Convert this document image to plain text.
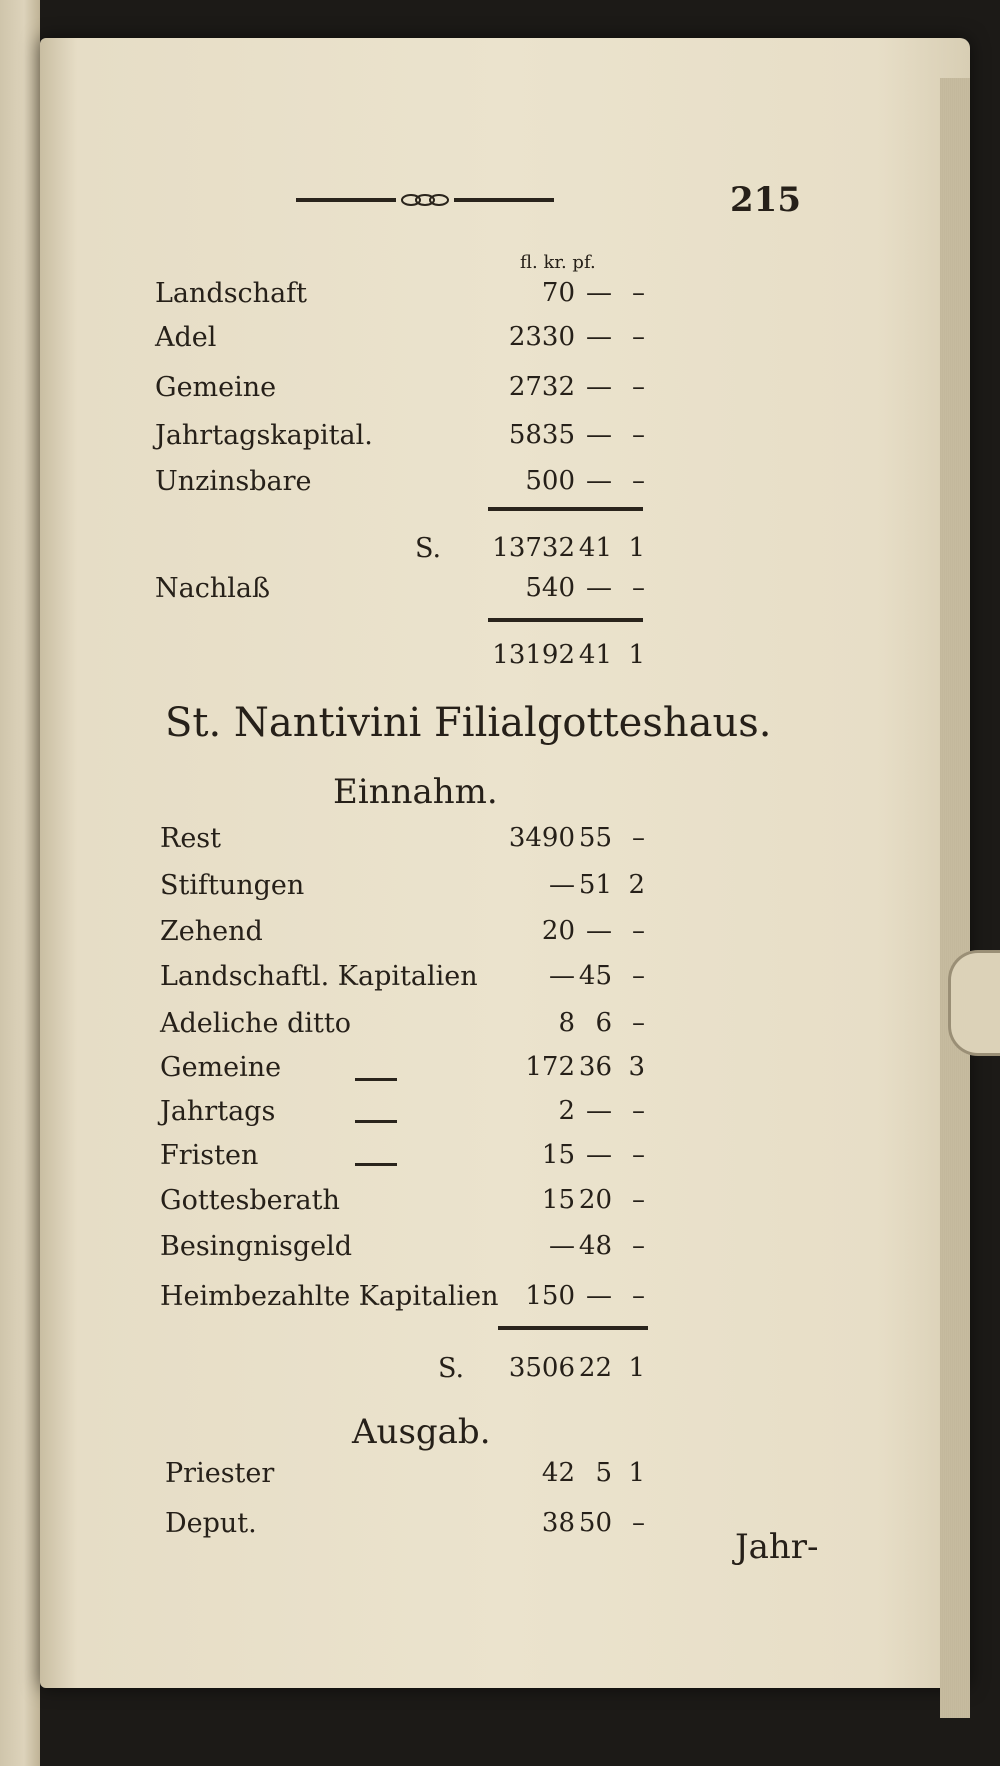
215
fl. kr. pf.
Landschaft	70 — –
Adel	2330 — –
Gemeine	2732 — –
Jahrtagskapital.	5835 — –
Unzinsbare	500 — –
S. 13732 41 1
Nachlaß	540 — –
13192 41 1
Rest	3490 55 –
Stiftungen	— 51 2
Zehend	20 — –
Landschaftl. Kapitalien	— 45 –
Adeliche ditto	8 6 –
Gemeine	172 36 3
Jahrtags	2 — –
Fristen	15 — –
Gottesberath	15 20 –
Besingnisgeld	— 48 –
Heimbezahlte Kapitalien 150 — –
S. 3506 22 1
Priester	42 5 1
Deput.	38 50 –
St. Nantivini Filialgotteshaus.
Einnahm.
Ausgab.
Jahr-
